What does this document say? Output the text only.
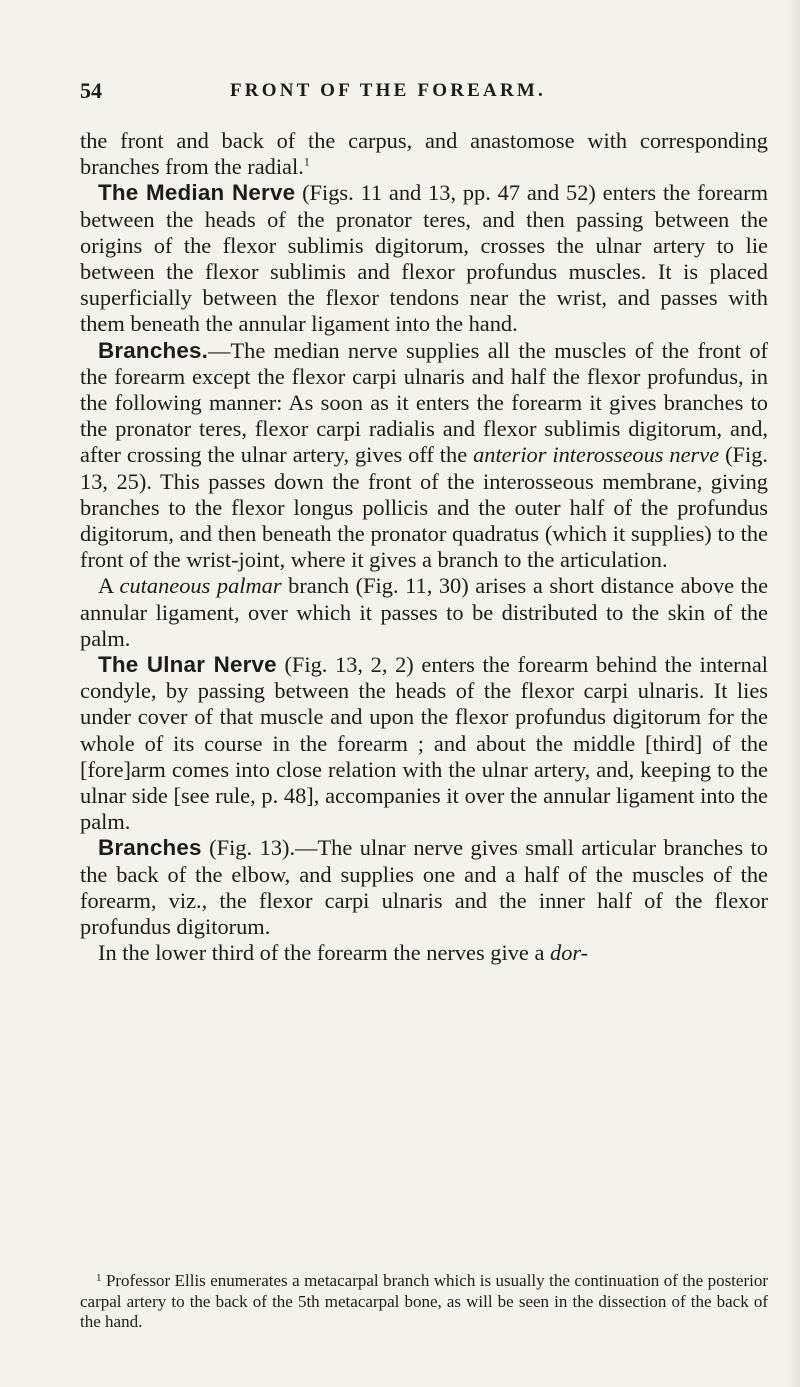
54	FRONT OF THE FOREARM.

the front and back of the carpus, and anastomose with corresponding branches from the radial.$^1$

The Median Nerve (Figs. 11 and 13, pp. 47 and 52) enters the forearm between the heads of the pronator teres, and then passing between the origins of the flexor sublimis digitorum, crosses the ulnar artery to lie between the flexor sublimis and flexor profundus muscles. It is placed superficially between the flexor tendons near the wrist, and passes with them beneath the annular ligament into the hand.

Branches.—The median nerve supplies all the muscles of the front of the forearm except the flexor carpi ulnaris and half the flexor profundus, in the following manner: As soon as it enters the forearm it gives branches to the pronator teres, flexor carpi radialis and flexor sublimis digitorum, and, after crossing the ulnar artery, gives off the anterior interosseous nerve (Fig. 13, 25). This passes down the front of the interosseous membrane, giving branches to the flexor longus pollicis and the outer half of the profundus digitorum, and then beneath the pronator quadratus (which it supplies) to the front of the wrist-joint, where it gives a branch to the articulation.

A cutaneous palmar branch (Fig. 11, 30) arises a short distance above the annular ligament, over which it passes to be distributed to the skin of the palm.

The Ulnar Nerve (Fig. 13, 2, 2) enters the forearm behind the internal condyle, by passing between the heads of the flexor carpi ulnaris. It lies under cover of that muscle and upon the flexor profundus digitorum for the whole of its course in the forearm ; and about the middle [third] of the [fore]arm comes into close relation with the ulnar artery, and, keeping to the ulnar side [see rule, p. 48], accompanies it over the annular ligament into the palm.

Branches (Fig. 13).—The ulnar nerve gives small articular branches to the back of the elbow, and supplies one and a half of the muscles of the forearm, viz., the flexor carpi ulnaris and the inner half of the flexor profundus digitorum.

In the lower third of the forearm the nerves give a dor-

$^1$ Professor Ellis enumerates a metacarpal branch which is usually the continuation of the posterior carpal artery to the back of the 5th metacarpal bone, as will be seen in the dissection of the back of the hand.
